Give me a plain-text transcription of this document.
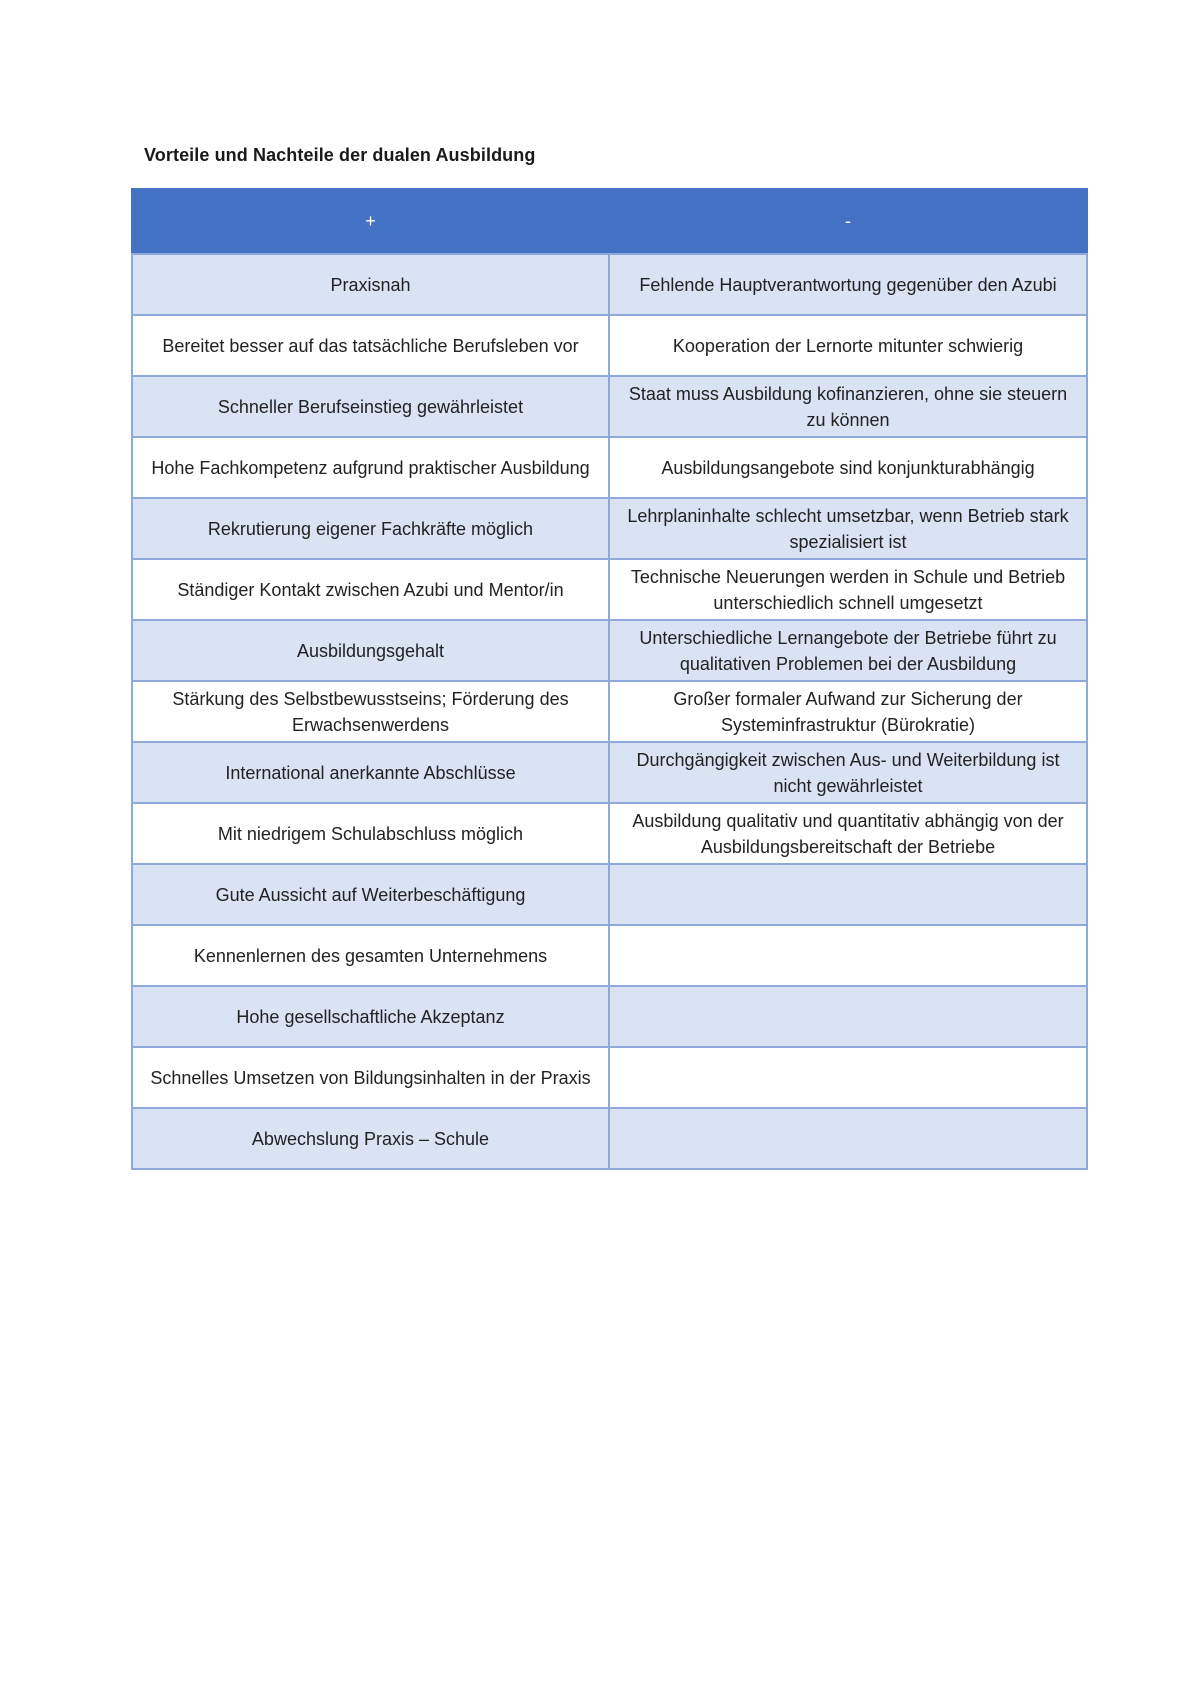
Vorteile und Nachteile der dualen Ausbildung
+	-
Praxisnah	Fehlende Hauptverantwortung gegenüber den Azubi
Bereitet besser auf das tatsächliche Berufsleben vor	Kooperation der Lernorte mitunter schwierig
Schneller Berufseinstieg gewährleistet	Staat muss Ausbildung kofinanzieren, ohne sie steuern zu können
Hohe Fachkompetenz aufgrund praktischer Ausbildung	Ausbildungsangebote sind konjunkturabhängig
Rekrutierung eigener Fachkräfte möglich	Lehrplaninhalte schlecht umsetzbar, wenn Betrieb stark spezialisiert ist
Ständiger Kontakt zwischen Azubi und Mentor/in	Technische Neuerungen werden in Schule und Betrieb unterschiedlich schnell umgesetzt
Ausbildungsgehalt	Unterschiedliche Lernangebote der Betriebe führt zu qualitativen Problemen bei der Ausbildung
Stärkung des Selbstbewusstseins; Förderung des Erwachsenwerdens	Großer formaler Aufwand zur Sicherung der Systeminfrastruktur (Bürokratie)
International anerkannte Abschlüsse	Durchgängigkeit zwischen Aus- und Weiterbildung ist nicht gewährleistet
Mit niedrigem Schulabschluss möglich	Ausbildung qualitativ und quantitativ abhängig von der Ausbildungsbereitschaft der Betriebe
Gute Aussicht auf Weiterbeschäftigung	
Kennenlernen des gesamten Unternehmens	
Hohe gesellschaftliche Akzeptanz	
Schnelles Umsetzen von Bildungsinhalten in der Praxis	
Abwechslung Praxis – Schule	
